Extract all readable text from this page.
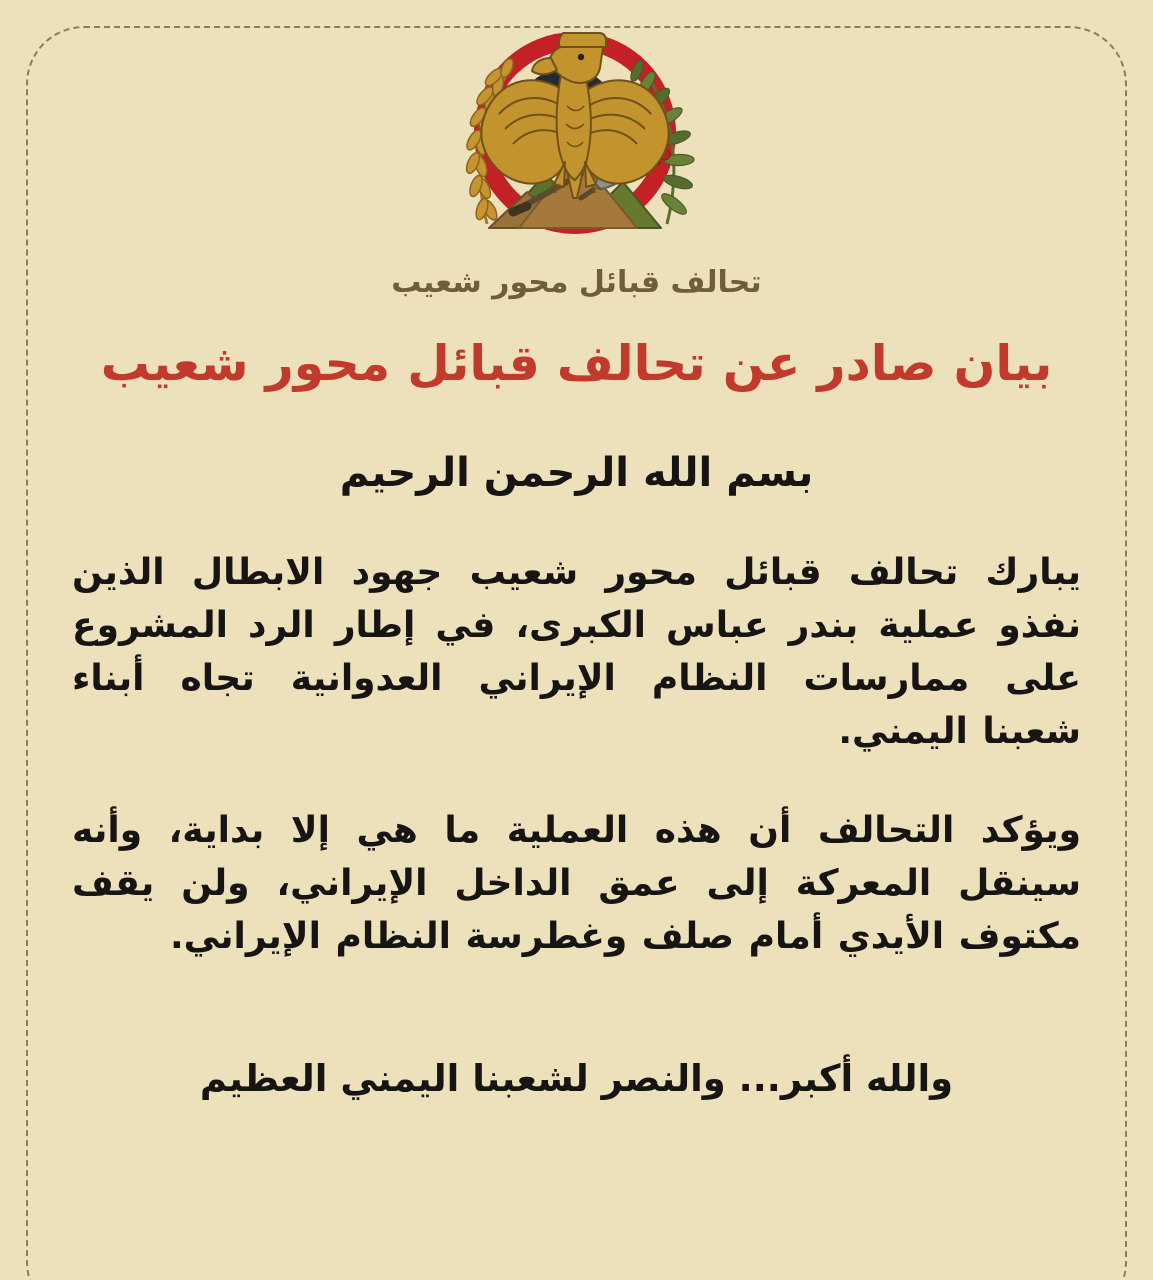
تحالف قبائل محور شعيب
بيان صادر عن تحالف قبائل محور شعيب
بسم الله الرحمن الرحيم
يبارك تحالف قبائل محور شعيب جهود الابطال الذين
نفذو عملية بندر عباس الكبرى، في إطار الرد المشروع
على ممارسات النظام الإيراني العدوانية تجاه أبناء
شعبنا اليمني.
ويؤكد التحالف أن هذه العملية ما هي إلا بداية، وأنه
سينقل المعركة إلى عمق الداخل الإيراني، ولن يقف
مكتوف الأيدي أمام صلف وغطرسة النظام الإيراني.
والله أكبر... والنصر لشعبنا اليمني العظيم
